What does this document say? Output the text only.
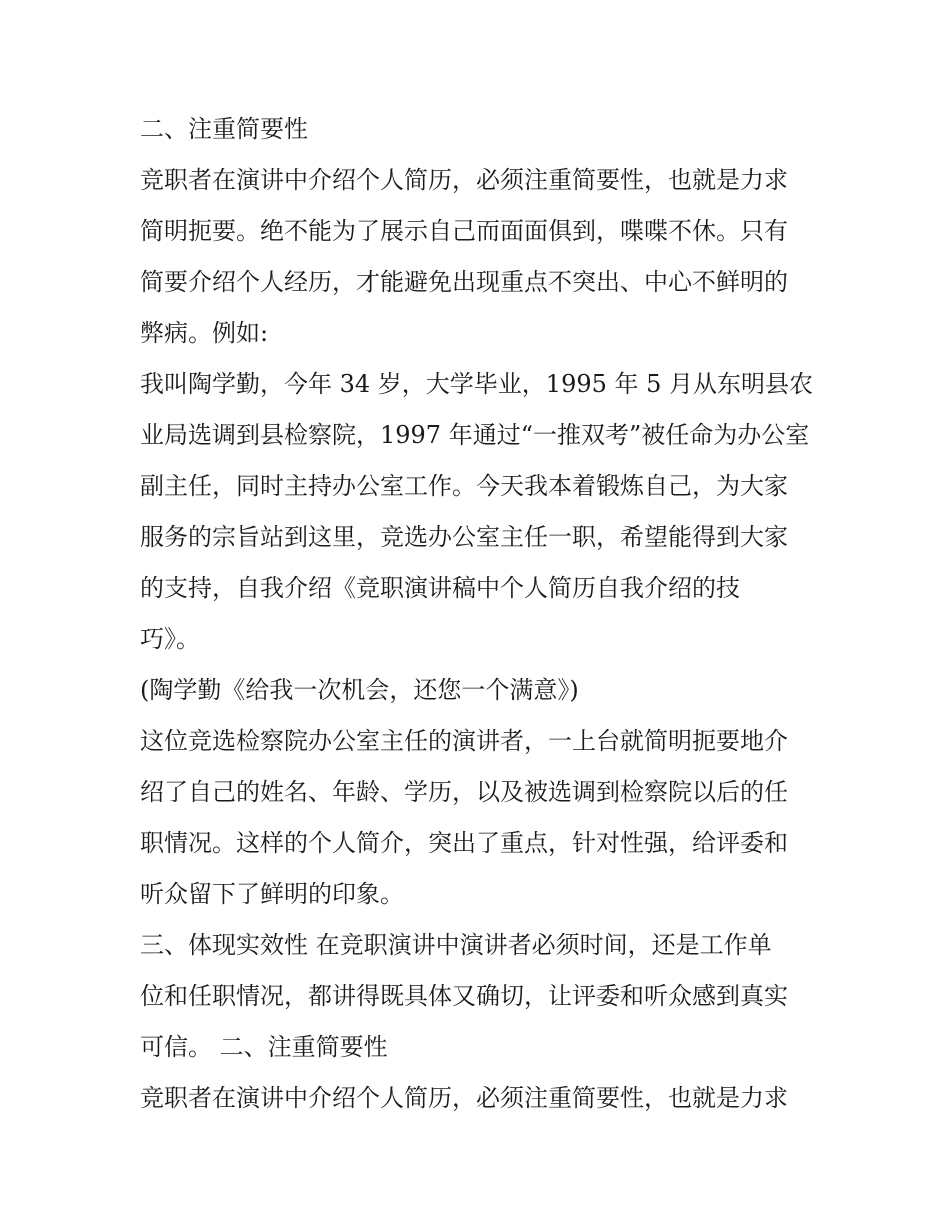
二、注重简要性
竞职者在演讲中介绍个人简历，必须注重简要性，也就是力求
简明扼要。绝不能为了展示自己而面面俱到，喋喋不休。只有
简要介绍个人经历，才能避免出现重点不突出、中心不鲜明的
弊病。例如:
我叫陶学勤，今年 34 岁，大学毕业，1995 年 5 月从东明县农
业局选调到县检察院，1997 年通过“一推双考”被任命为办公室
副主任，同时主持办公室工作。今天我本着锻炼自己，为大家
服务的宗旨站到这里，竞选办公室主任一职，希望能得到大家
的支持，自我介绍《竞职演讲稿中个人简历自我介绍的技
巧》。
(陶学勤《给我一次机会，还您一个满意》)
这位竞选检察院办公室主任的演讲者，一上台就简明扼要地介
绍了自己的姓名、年龄、学历，以及被选调到检察院以后的任
职情况。这样的个人简介，突出了重点，针对性强，给评委和
听众留下了鲜明的印象。
三、体现实效性 在竞职演讲中演讲者必须时间，还是工作单
位和任职情况，都讲得既具体又确切，让评委和听众感到真实
可信。 二、注重简要性
竞职者在演讲中介绍个人简历，必须注重简要性，也就是力求
